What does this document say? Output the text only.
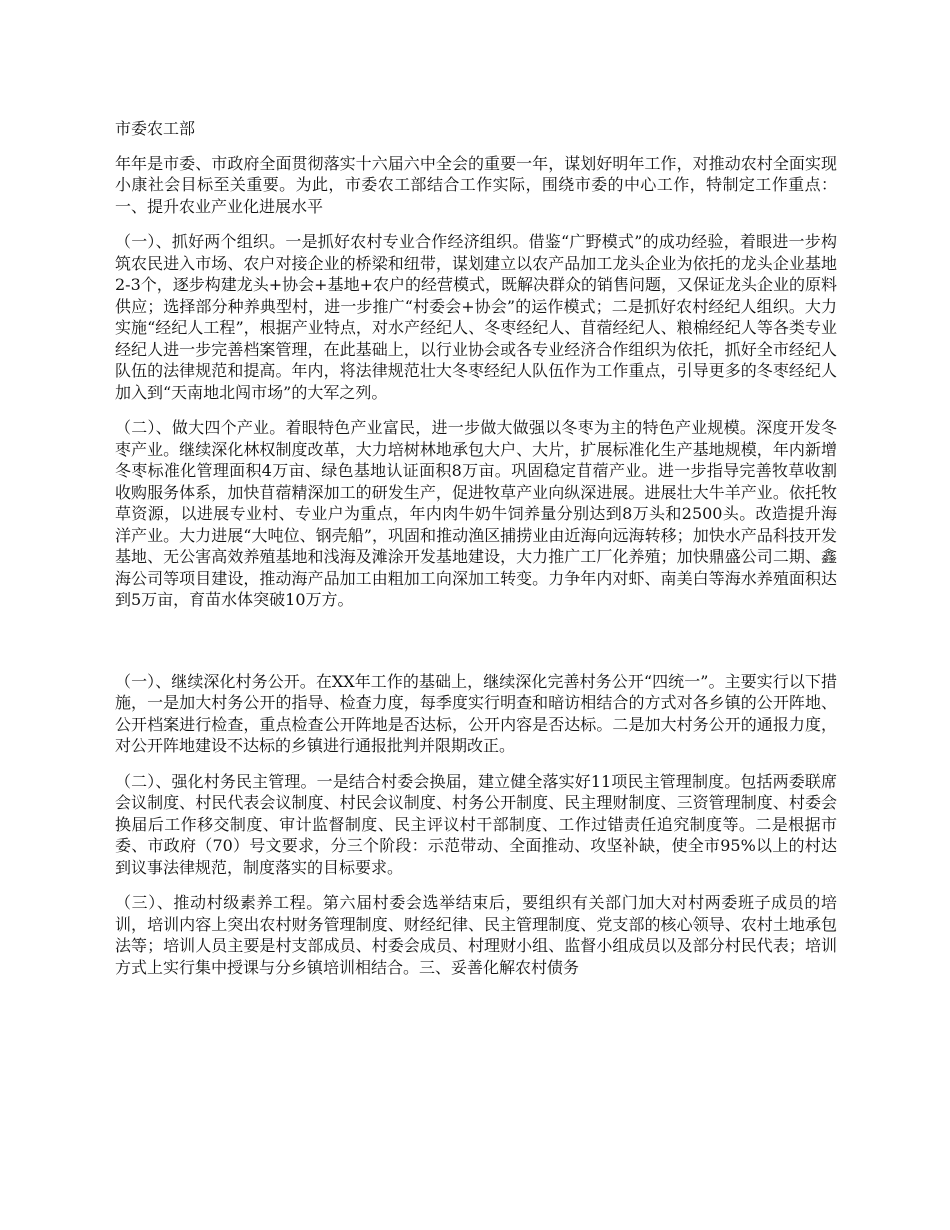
市委农工部

年年是市委、市政府全面贯彻落实十六届六中全会的重要一年，谋划好明年工作，对推动农村全面实现小康社会目标至关重要。为此，市委农工部结合工作实际，围绕市委的中心工作，特制定工作重点：一、提升农业产业化进展水平

（一）、抓好两个组织。一是抓好农村专业合作经济组织。借鉴“广野模式”的成功经验，着眼进一步构筑农民进入市场、农户对接企业的桥梁和纽带，谋划建立以农产品加工龙头企业为依托的龙头企业基地2-3个，逐步构建龙头+协会+基地+农户的经营模式，既解决群众的销售问题，又保证龙头企业的原料供应；选择部分种养典型村，进一步推广“村委会+协会”的运作模式；二是抓好农村经纪人组织。大力实施“经纪人工程”，根据产业特点，对水产经纪人、冬枣经纪人、苜蓿经纪人、粮棉经纪人等各类专业经纪人进一步完善档案管理，在此基础上，以行业协会或各专业经济合作组织为依托，抓好全市经纪人队伍的法律规范和提高。年内，将法律规范壮大冬枣经纪人队伍作为工作重点，引导更多的冬枣经纪人加入到“天南地北闯市场”的大军之列。

（二）、做大四个产业。着眼特色产业富民，进一步做大做强以冬枣为主的特色产业规模。深度开发冬枣产业。继续深化林权制度改革，大力培树林地承包大户、大片，扩展标准化生产基地规模，年内新增冬枣标准化管理面积4万亩、绿色基地认证面积8万亩。巩固稳定苜蓿产业。进一步指导完善牧草收割收购服务体系，加快苜蓿精深加工的研发生产，促进牧草产业向纵深进展。进展壮大牛羊产业。依托牧草资源，以进展专业村、专业户为重点，年内肉牛奶牛饲养量分别达到8万头和2500头。改造提升海洋产业。大力进展“大吨位、钢壳船”，巩固和推动渔区捕捞业由近海向远海转移；加快水产品科技开发基地、无公害高效养殖基地和浅海及滩涂开发基地建设，大力推广工厂化养殖；加快鼎盛公司二期、鑫海公司等项目建设，推动海产品加工由粗加工向深加工转变。力争年内对虾、南美白等海水养殖面积达到5万亩，育苗水体突破10万方。

（一）、继续深化村务公开。在XX年工作的基础上，继续深化完善村务公开“四统一”。主要实行以下措施，一是加大村务公开的指导、检查力度，每季度实行明查和暗访相结合的方式对各乡镇的公开阵地、公开档案进行检查，重点检查公开阵地是否达标，公开内容是否达标。二是加大村务公开的通报力度，对公开阵地建设不达标的乡镇进行通报批判并限期改正。

（二）、强化村务民主管理。一是结合村委会换届，建立健全落实好11项民主管理制度。包括两委联席会议制度、村民代表会议制度、村民会议制度、村务公开制度、民主理财制度、三资管理制度、村委会换届后工作移交制度、审计监督制度、民主评议村干部制度、工作过错责任追究制度等。二是根据市委、市政府（70）号文要求，分三个阶段：示范带动、全面推动、攻坚补缺，使全市95%以上的村达到议事法律规范，制度落实的目标要求。

（三）、推动村级素养工程。第六届村委会选举结束后，要组织有关部门加大对村两委班子成员的培训，培训内容上突出农村财务管理制度、财经纪律、民主管理制度、党支部的核心领导、农村土地承包法等；培训人员主要是村支部成员、村委会成员、村理财小组、监督小组成员以及部分村民代表；培训方式上实行集中授课与分乡镇培训相结合。三、妥善化解农村债务
